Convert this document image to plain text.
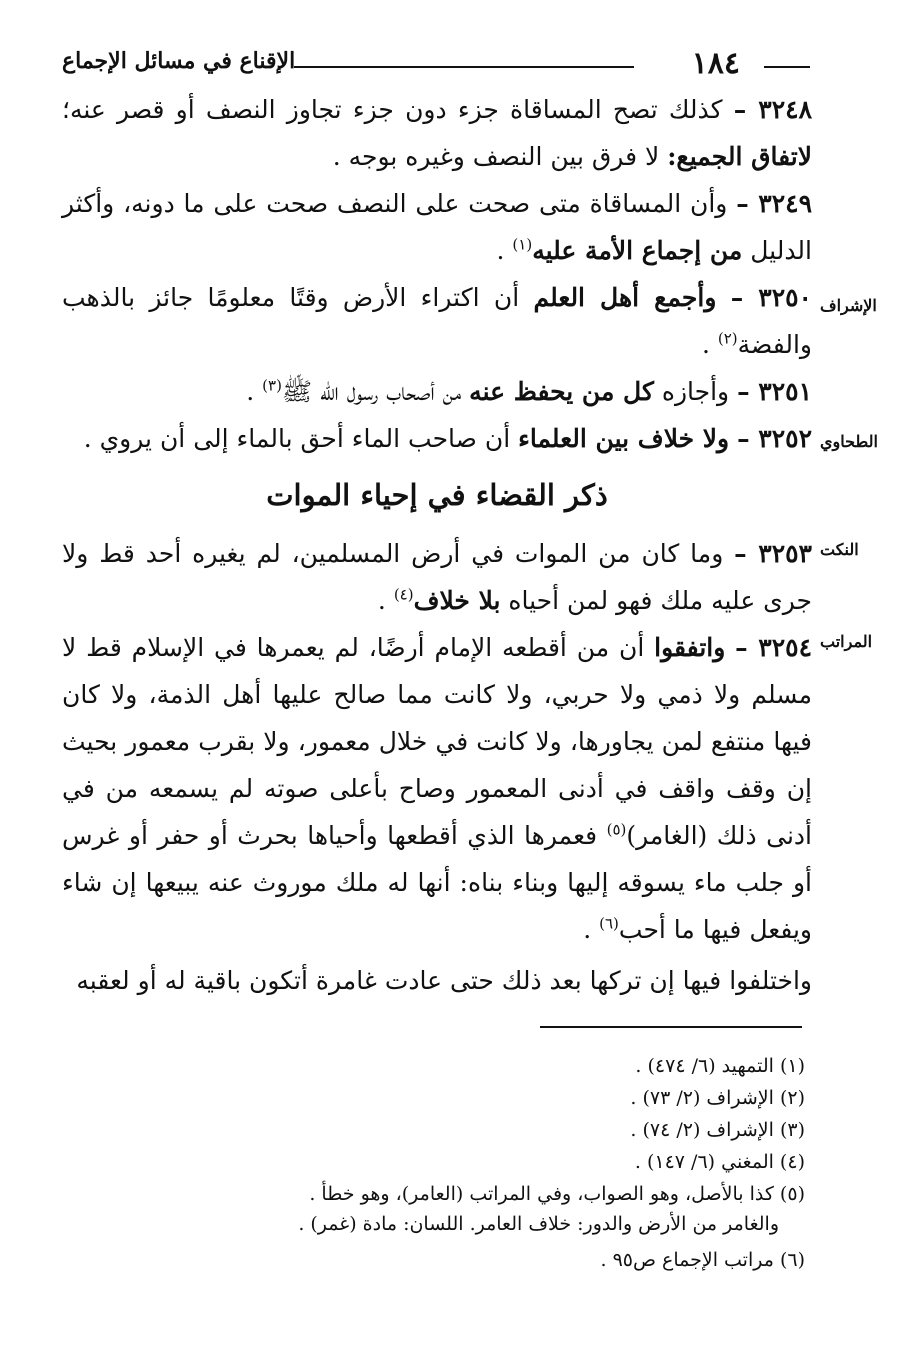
١٨٤
الإقناع في مسائل الإجماع
الإشراف
الطحاوي
النكت
المراتب

٣٢٤٨ – كذلك تصح المساقاة جزء دون جزء تجاوز النصف أو قصر عنه؛ لاتفاق الجميع: لا فرق بين النصف وغيره بوجه .

٣٢٤٩ – وأن المساقاة متى صحت على النصف صحت على ما دونه، وأكثر الدليل من إجماع الأمة عليه$^{(١)}$ .

٣٢٥٠ – وأجمع أهل العلم أن اكتراء الأرض وقتًا معلومًا جائز بالذهب والفضة$^{(٢)}$ .

٣٢٥١ – وأجازه كل من يحفظ عنه من أصحاب رسول الله ﷺ$^{(٣)}$ .

٣٢٥٢ – ولا خلاف بين العلماء أن صاحب الماء أحق بالماء إلى أن يروي .

ذكر القضاء في إحياء الموات

٣٢٥٣ – وما كان من الموات في أرض المسلمين، لم يغيره أحد قط ولا جرى عليه ملك فهو لمن أحياه بلا خلاف$^{(٤)}$ .

٣٢٥٤ – واتفقوا أن من أقطعه الإمام أرضًا، لم يعمرها في الإسلام قط لا مسلم ولا ذمي ولا حربي، ولا كانت مما صالح عليها أهل الذمة، ولا كان فيها منتفع لمن يجاورها، ولا كانت في خلال معمور، ولا بقرب معمور بحيث إن وقف واقف في أدنى المعمور وصاح بأعلى صوته لم يسمعه من في أدنى ذلك (الغامر)$^{(٥)}$ فعمرها الذي أقطعها وأحياها بحرث أو حفر أو غرس أو جلب ماء يسوقه إليها وبناء بناه: أنها له ملك موروث عنه يبيعها إن شاء ويفعل فيها ما أحب$^{(٦)}$ .

واختلفوا فيها إن تركها بعد ذلك حتى عادت غامرة أتكون باقية له أو لعقبه

(١) التمهيد (٦/ ٤٧٤) .
(٢) الإشراف (٢/ ٧٣) .
(٣) الإشراف (٢/ ٧٤) .
(٤) المغني (٦/ ١٤٧) .
(٥) كذا بالأصل، وهو الصواب، وفي المراتب (العامر)، وهو خطأ .
والغامر من الأرض والدور: خلاف العامر. اللسان: مادة (غمر) .
(٦) مراتب الإجماع ص٩٥ .
